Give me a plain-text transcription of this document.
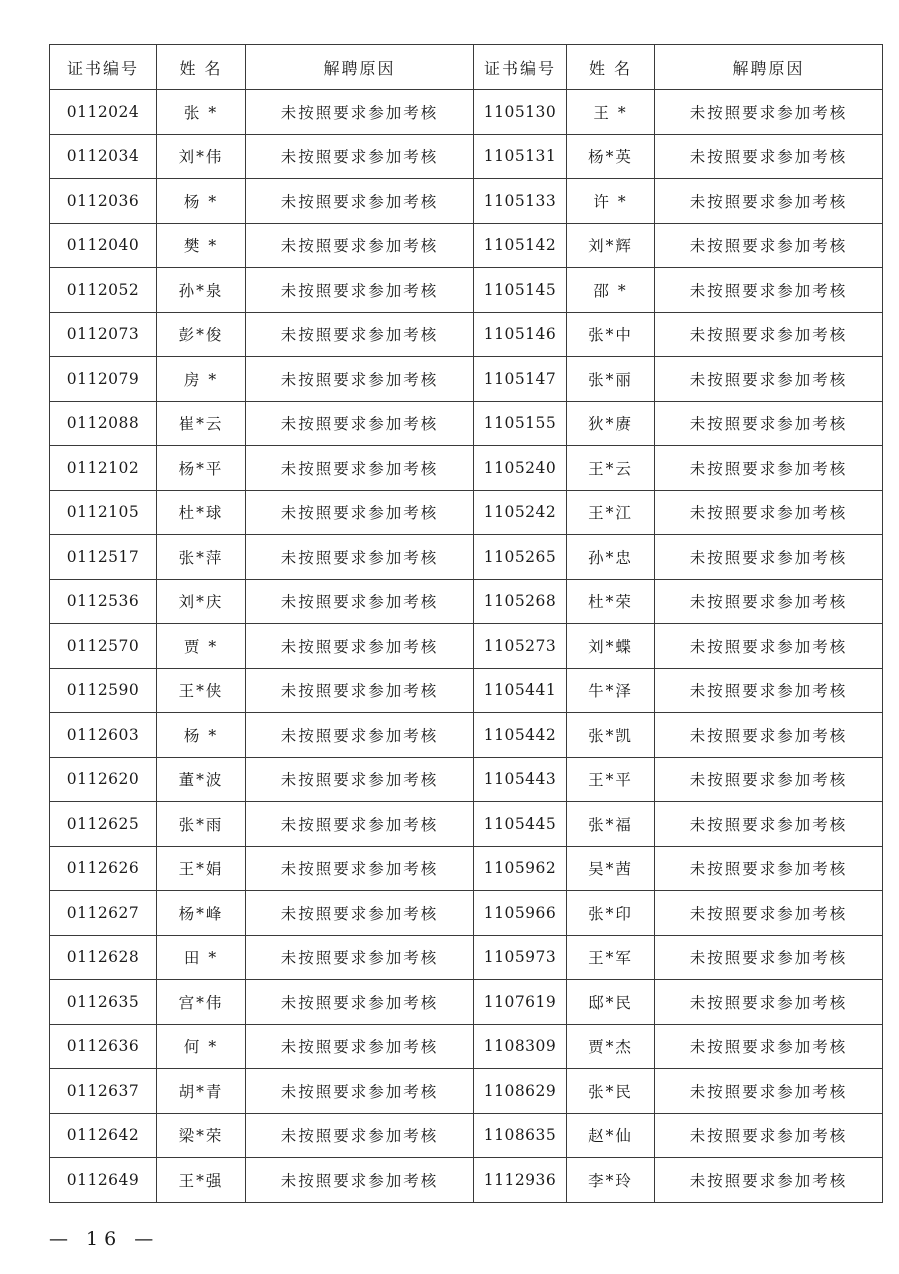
证书编号	姓 名	解聘原因	证书编号	姓 名	解聘原因
0112024	张 *	未按照要求参加考核	1105130	王 *	未按照要求参加考核
0112034	刘*伟	未按照要求参加考核	1105131	杨*英	未按照要求参加考核
0112036	杨 *	未按照要求参加考核	1105133	许 *	未按照要求参加考核
0112040	樊 *	未按照要求参加考核	1105142	刘*辉	未按照要求参加考核
0112052	孙*泉	未按照要求参加考核	1105145	邵 *	未按照要求参加考核
0112073	彭*俊	未按照要求参加考核	1105146	张*中	未按照要求参加考核
0112079	房 *	未按照要求参加考核	1105147	张*丽	未按照要求参加考核
0112088	崔*云	未按照要求参加考核	1105155	狄*赓	未按照要求参加考核
0112102	杨*平	未按照要求参加考核	1105240	王*云	未按照要求参加考核
0112105	杜*球	未按照要求参加考核	1105242	王*江	未按照要求参加考核
0112517	张*萍	未按照要求参加考核	1105265	孙*忠	未按照要求参加考核
0112536	刘*庆	未按照要求参加考核	1105268	杜*荣	未按照要求参加考核
0112570	贾 *	未按照要求参加考核	1105273	刘*蝶	未按照要求参加考核
0112590	王*侠	未按照要求参加考核	1105441	牛*泽	未按照要求参加考核
0112603	杨 *	未按照要求参加考核	1105442	张*凯	未按照要求参加考核
0112620	董*波	未按照要求参加考核	1105443	王*平	未按照要求参加考核
0112625	张*雨	未按照要求参加考核	1105445	张*福	未按照要求参加考核
0112626	王*娟	未按照要求参加考核	1105962	吴*茜	未按照要求参加考核
0112627	杨*峰	未按照要求参加考核	1105966	张*印	未按照要求参加考核
0112628	田 *	未按照要求参加考核	1105973	王*军	未按照要求参加考核
0112635	宫*伟	未按照要求参加考核	1107619	邸*民	未按照要求参加考核
0112636	何 *	未按照要求参加考核	1108309	贾*杰	未按照要求参加考核
0112637	胡*青	未按照要求参加考核	1108629	张*民	未按照要求参加考核
0112642	梁*荣	未按照要求参加考核	1108635	赵*仙	未按照要求参加考核
0112649	王*强	未按照要求参加考核	1112936	李*玲	未按照要求参加考核
— 16 —
